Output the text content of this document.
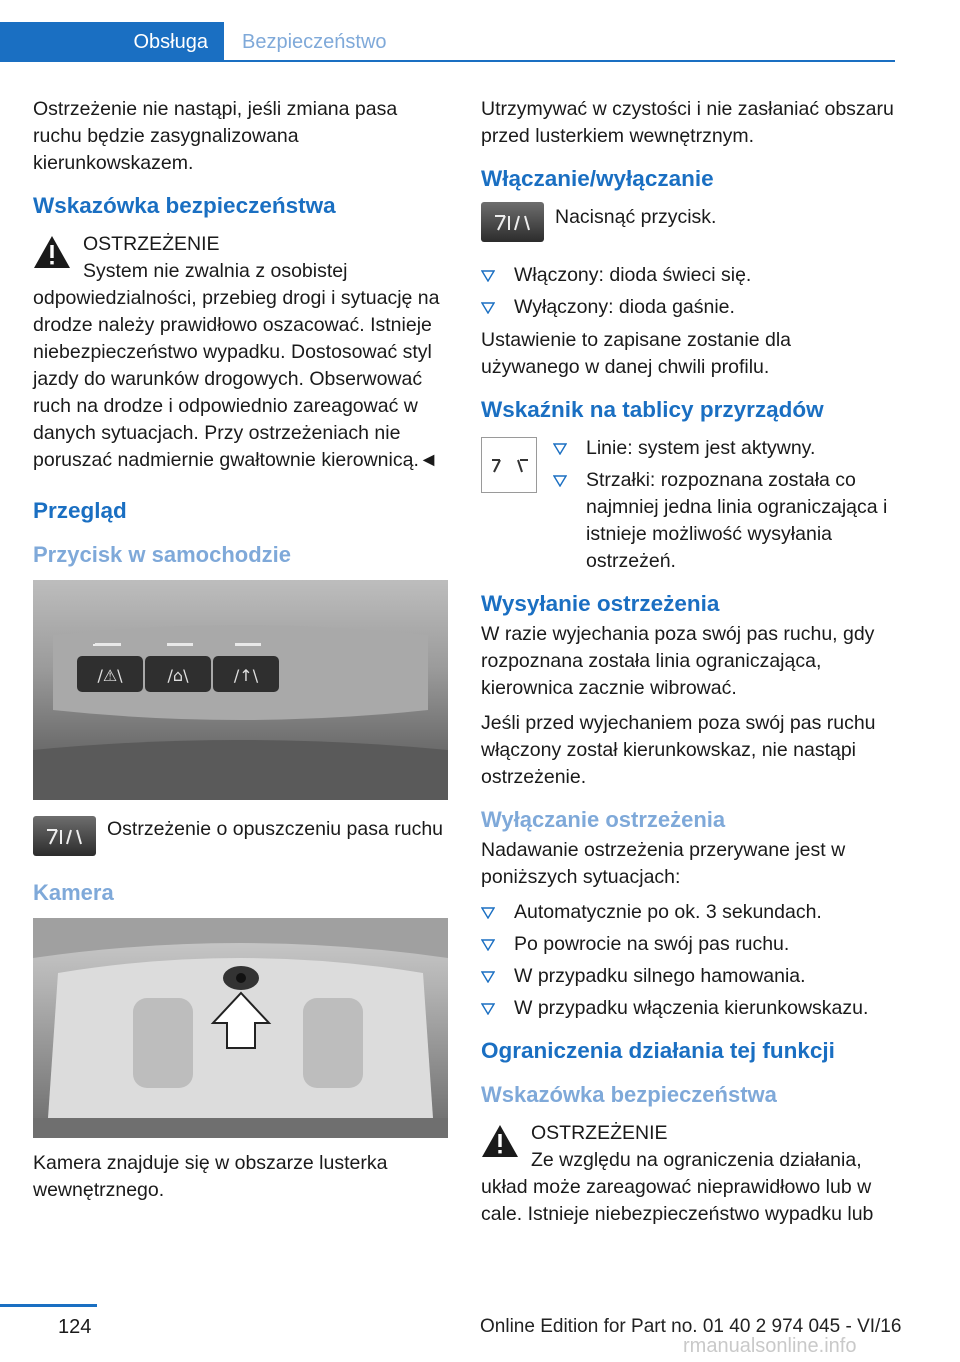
Obsługa Bezpieczeństwo

Ostrzeżenie nie nastąpi, jeśli zmiana pasa ruchu będzie zasygnalizowana kierunkowskazem.

Wskazówka bezpieczeństwa
OSTRZEŻENIE
System nie zwalnia z osobistej odpowiedzialności, przebieg drogi i sytuację na drodze należy prawidłowo oszacować. Istnieje niebezpieczeństwo wypadku. Dostosować styl jazdy do warunków drogowych. Obserwować ruch na drodze i odpowiednio zareagować w danych sytuacjach. Przy ostrzeżeniach nie poruszać nadmiernie gwałtownie kierownicą.◄
Przegląd
Przycisk w samochodzie
/⚠\	/⌂\	/↑\
Ostrzeżenie o opuszczeniu pasa ruchu
Kamera

Kamera znajduje się w obszarze lusterka wewnętrznego.

Utrzymywać w czystości i nie zasłaniać obszaru przed lusterkiem wewnętrznym.

Włączanie/wyłączanie
Nacisnąć przycisk.
Włączony: dioda świeci się.
Wyłączony: dioda gaśnie.

Ustawienie to zapisane zostanie dla używanego w danej chwili profilu.

Wskaźnik na tablicy przyrządów
Linie: system jest aktywny.
Strzałki: rozpoznana została co najmniej jedna linia ograniczająca i istnieje możliwość wysyłania ostrzeżeń.
Wysyłanie ostrzeżenia

W razie wyjechania poza swój pas ruchu, gdy rozpoznana została linia ograniczająca, kierownica zacznie wibrować.

Jeśli przed wyjechaniem poza swój pas ruchu włączony został kierunkowskaz, nie nastąpi ostrzeżenie.

Wyłączanie ostrzeżenia

Nadawanie ostrzeżenia przerywane jest w poniższych sytuacjach:

Automatycznie po ok. 3 sekundach.
Po powrocie na swój pas ruchu.
W przypadku silnego hamowania.
W przypadku włączenia kierunkowskazu.
Ograniczenia działania tej funkcji
Wskazówka bezpieczeństwa
OSTRZEŻENIE
Ze względu na ograniczenia działania, układ może zareagować nieprawidłowo lub w cale. Istnieje niebezpieczeństwo wypadku lub
124	Online Edition for Part no. 01 40 2 974 045 - VI/16
rmanualsonline.info
